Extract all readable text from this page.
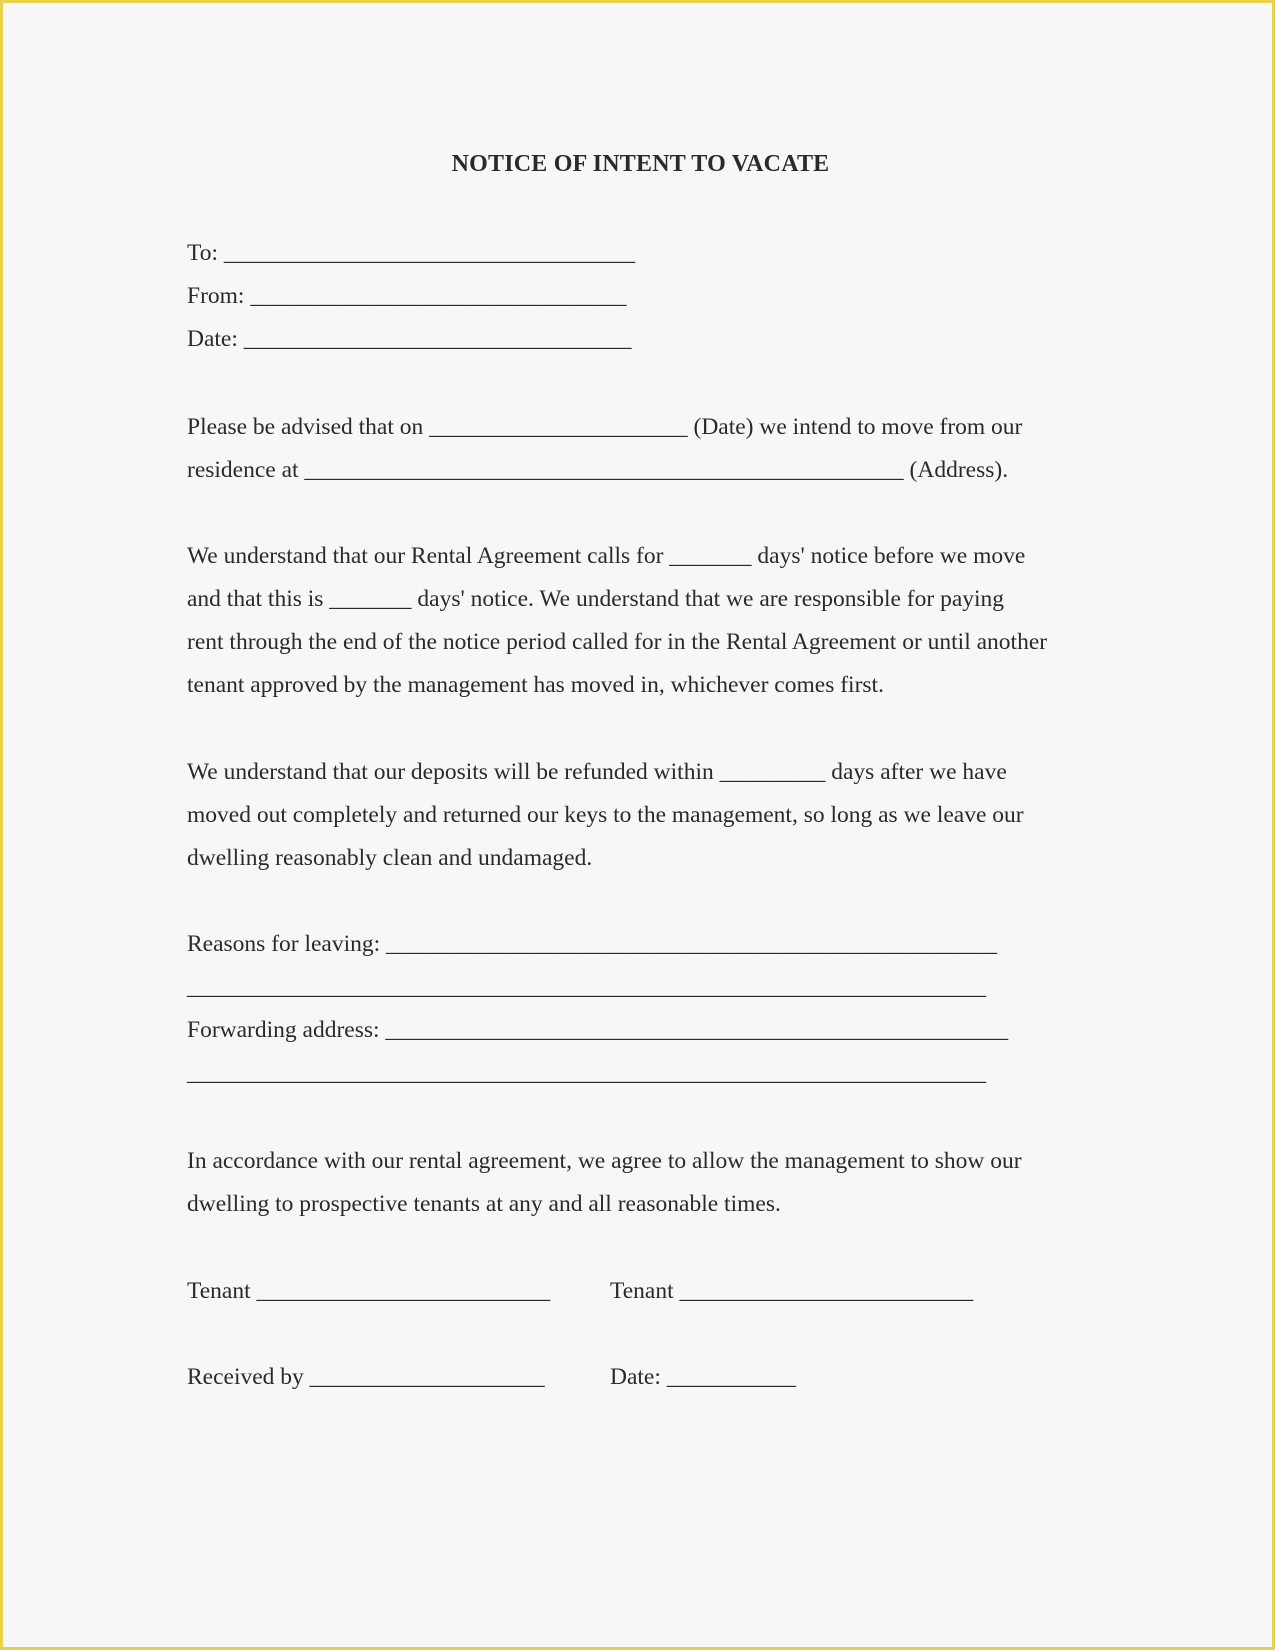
NOTICE OF INTENT TO VACATE
To: ___________________________________
From: ________________________________
Date: _________________________________
Please be advised that on ______________________ (Date) we intend to move from our
residence at ___________________________________________________ (Address).
We understand that our Rental Agreement calls for _______ days' notice before we move
and that this is _______ days' notice. We understand that we are responsible for paying
rent through the end of the notice period called for in the Rental Agreement or until another
tenant approved by the management has moved in, whichever comes first.
We understand that our deposits will be refunded within _________ days after we have
moved out completely and returned our keys to the management, so long as we leave our
dwelling reasonably clean and undamaged.
Reasons for leaving: ____________________________________________________
____________________________________________________________________
Forwarding address: _____________________________________________________
____________________________________________________________________
In accordance with our rental agreement, we agree to allow the management to show our
dwelling to prospective tenants at any and all reasonable times.
Tenant _________________________	Tenant _________________________
Received by ____________________	Date: ___________
